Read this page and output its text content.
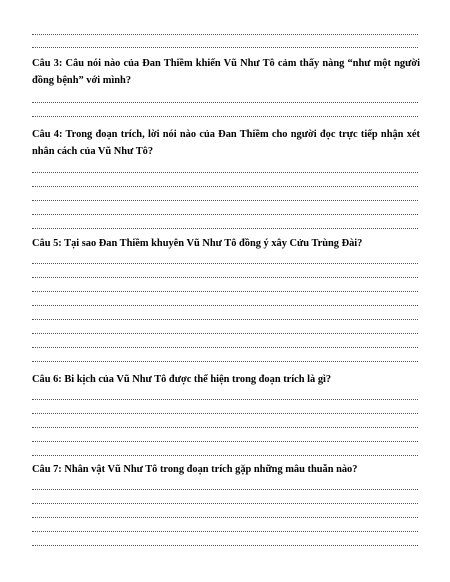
Câu 3: Câu nói nào của Đan Thiềm khiến Vũ Như Tô cảm thấy nàng “như một người đồng bệnh” với mình?
Câu 4: Trong đoạn trích, lời nói nào của Đan Thiềm cho người đọc trực tiếp nhận xét nhân cách của Vũ Như Tô?
Câu 5: Tại sao Đan Thiềm khuyên Vũ Như Tô đồng ý xây Cửu Trùng Đài?
Câu 6: Bi kịch của Vũ Như Tô được thể hiện trong đoạn trích là gì?
Câu 7: Nhân vật Vũ Như Tô trong đoạn trích gặp những mâu thuẫn nào?
